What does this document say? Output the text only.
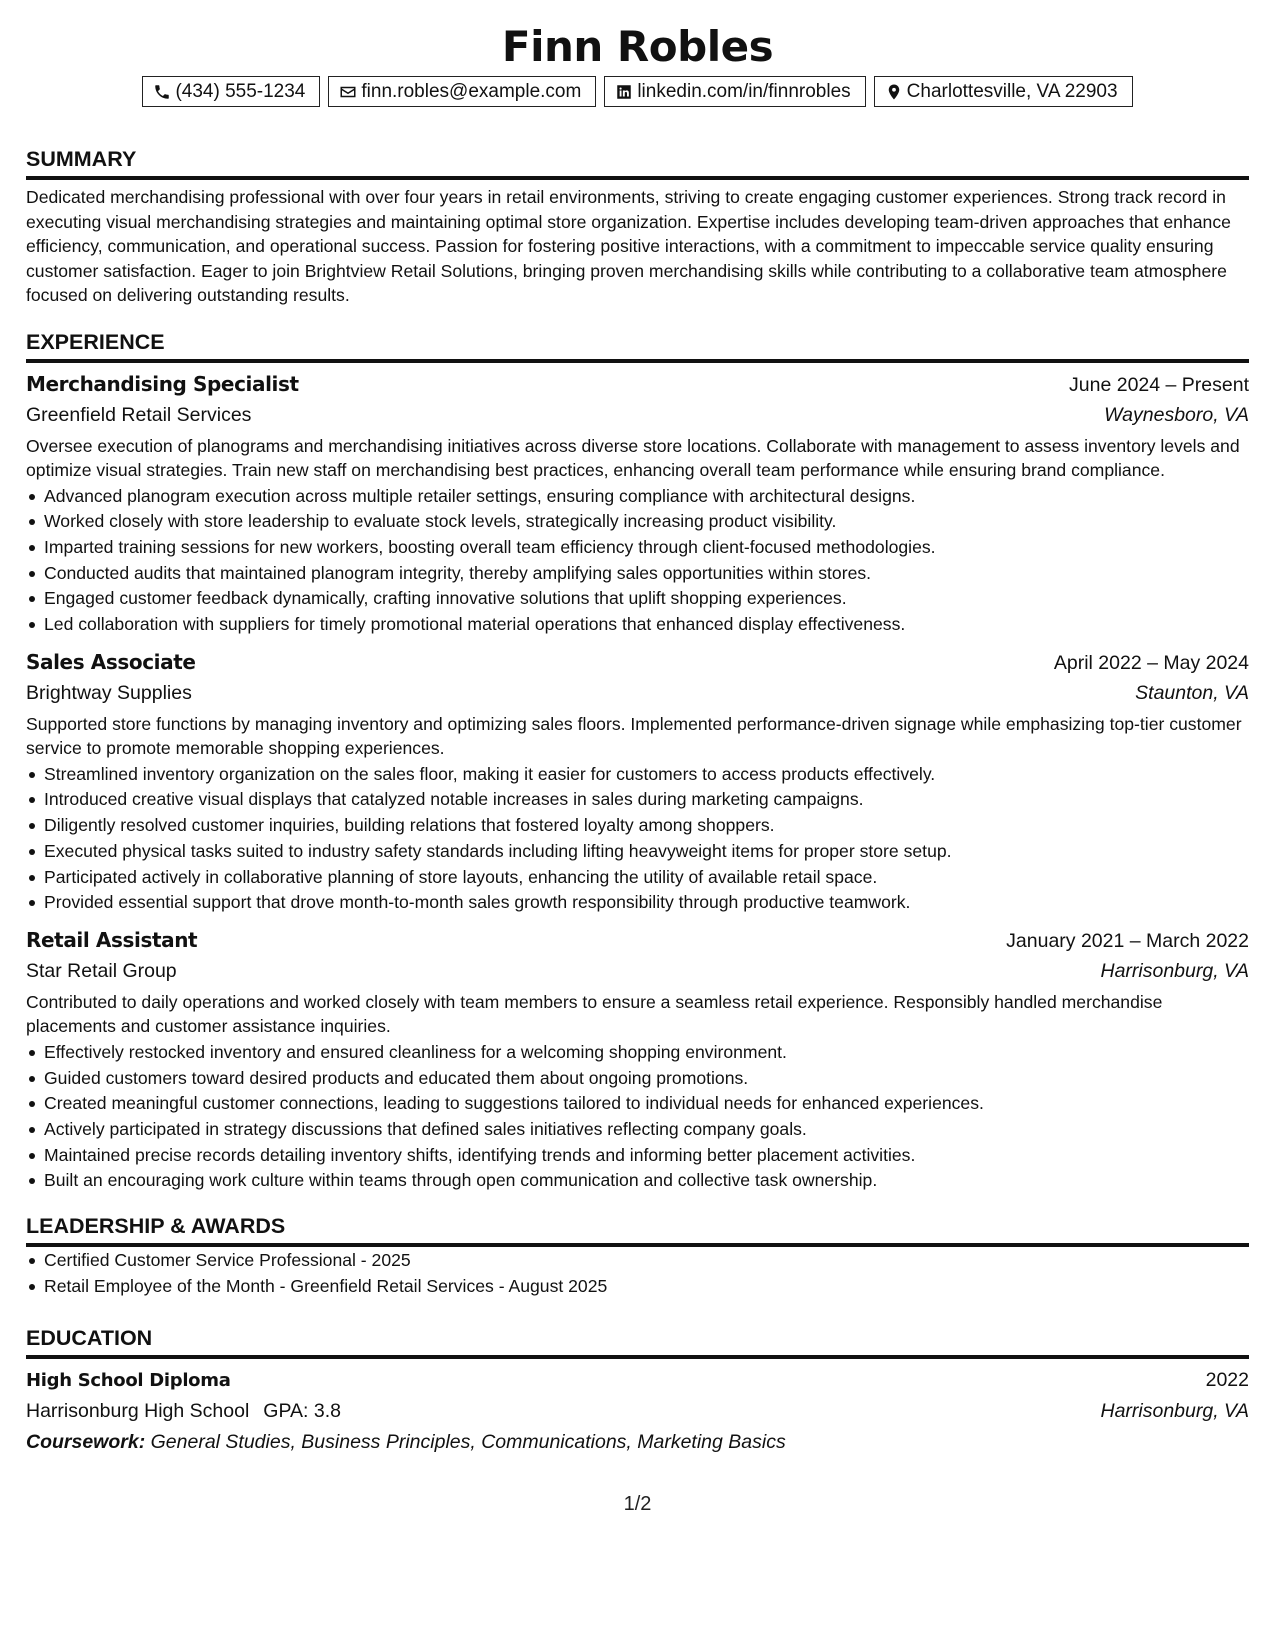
Finn Robles
(434) 555-1234	finn.robles@example.com	linkedin.com/in/finnrobles	Charlottesville, VA 22903
SUMMARY

Dedicated merchandising professional with over four years in retail environments, striving to create engaging customer experiences. Strong track record in executing visual merchandising strategies and maintaining optimal store organization. Expertise includes developing team-driven approaches that enhance efficiency, communication, and operational success. Passion for fostering positive interactions, with a commitment to impeccable service quality ensuring customer satisfaction. Eager to join Brightview Retail Solutions, bringing proven merchandising skills while contributing to a collaborative team atmosphere focused on delivering outstanding results.

EXPERIENCE
Merchandising Specialist	June 2024 – Present
Greenfield Retail Services	Waynesboro, VA

Oversee execution of planograms and merchandising initiatives across diverse store locations. Collaborate with management to assess inventory levels and optimize visual strategies. Train new staff on merchandising best practices, enhancing overall team performance while ensuring brand compliance.

Advanced planogram execution across multiple retailer settings, ensuring compliance with architectural designs.
Worked closely with store leadership to evaluate stock levels, strategically increasing product visibility.
Imparted training sessions for new workers, boosting overall team efficiency through client-focused methodologies.
Conducted audits that maintained planogram integrity, thereby amplifying sales opportunities within stores.
Engaged customer feedback dynamically, crafting innovative solutions that uplift shopping experiences.
Led collaboration with suppliers for timely promotional material operations that enhanced display effectiveness.
Sales Associate	April 2022 – May 2024
Brightway Supplies	Staunton, VA

Supported store functions by managing inventory and optimizing sales floors. Implemented performance-driven signage while emphasizing top-tier customer service to promote memorable shopping experiences.

Streamlined inventory organization on the sales floor, making it easier for customers to access products effectively.
Introduced creative visual displays that catalyzed notable increases in sales during marketing campaigns.
Diligently resolved customer inquiries, building relations that fostered loyalty among shoppers.
Executed physical tasks suited to industry safety standards including lifting heavyweight items for proper store setup.
Participated actively in collaborative planning of store layouts, enhancing the utility of available retail space.
Provided essential support that drove month-to-month sales growth responsibility through productive teamwork.
Retail Assistant	January 2021 – March 2022
Star Retail Group	Harrisonburg, VA

Contributed to daily operations and worked closely with team members to ensure a seamless retail experience. Responsibly handled merchandise placements and customer assistance inquiries.

Effectively restocked inventory and ensured cleanliness for a welcoming shopping environment.
Guided customers toward desired products and educated them about ongoing promotions.
Created meaningful customer connections, leading to suggestions tailored to individual needs for enhanced experiences.
Actively participated in strategy discussions that defined sales initiatives reflecting company goals.
Maintained precise records detailing inventory shifts, identifying trends and informing better placement activities.
Built an encouraging work culture within teams through open communication and collective task ownership.
LEADERSHIP & AWARDS
Certified Customer Service Professional - 2025
Retail Employee of the Month - Greenfield Retail Services - August 2025
EDUCATION
High School Diploma	2022
Harrisonburg High School GPA: 3.8	Harrisonburg, VA
Coursework: General Studies, Business Principles, Communications, Marketing Basics
1/2
